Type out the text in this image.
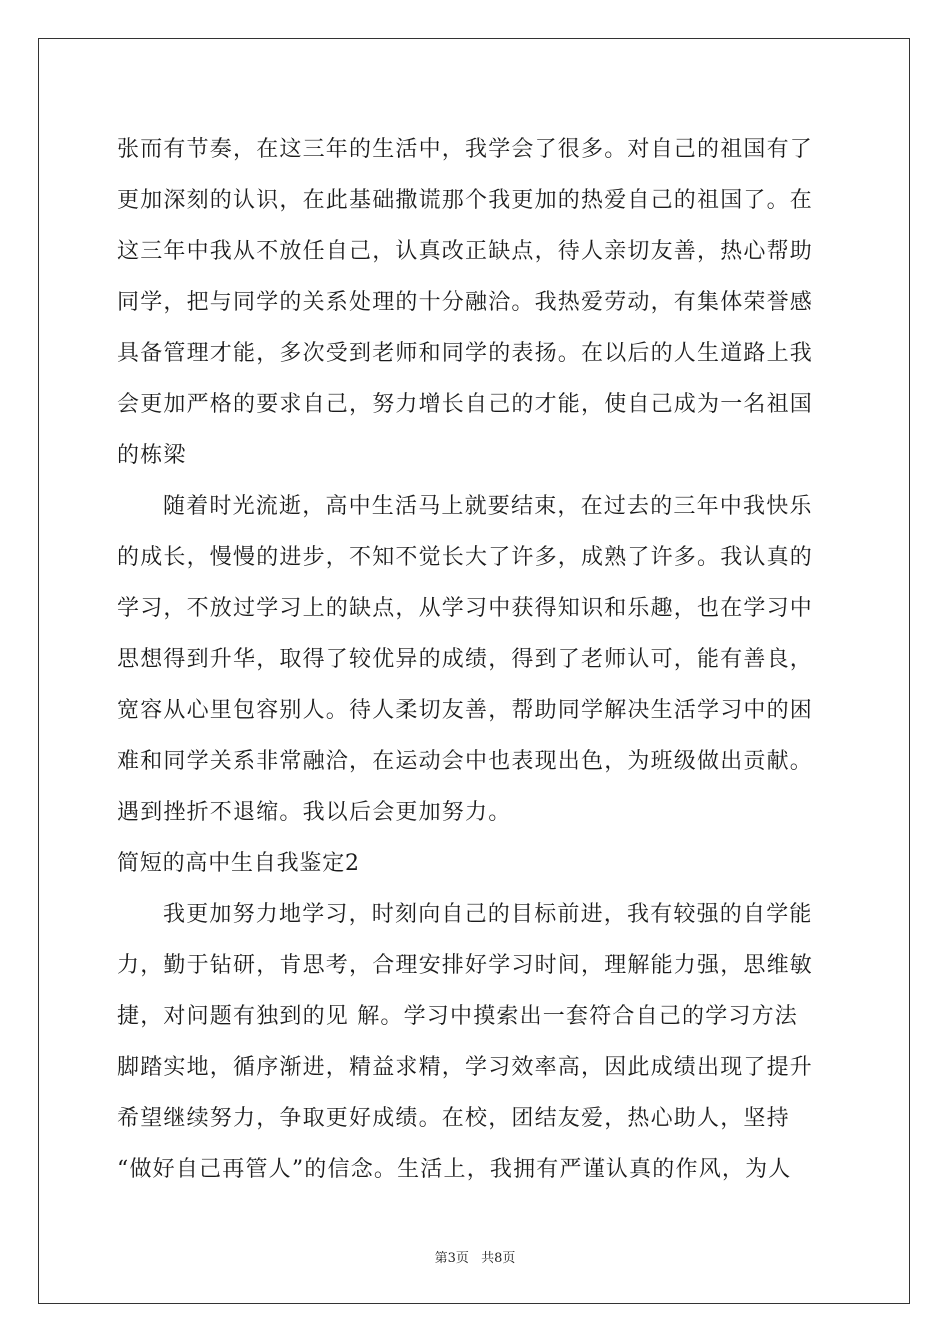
张而有节奏，在这三年的生活中，我学会了很多。对自己的祖国有了
更加深刻的认识，在此基础撒谎那个我更加的热爱自己的祖国了。在
这三年中我从不放任自己，认真改正缺点，待人亲切友善，热心帮助
同学，把与同学的关系处理的十分融洽。我热爱劳动，有集体荣誉感
具备管理才能，多次受到老师和同学的表扬。在以后的人生道路上我
会更加严格的要求自己，努力增长自己的才能，使自己成为一名祖国
的栋梁
随着时光流逝，高中生活马上就要结束，在过去的三年中我快乐
的成长，慢慢的进步，不知不觉长大了许多，成熟了许多。我认真的
学习，不放过学习上的缺点，从学习中获得知识和乐趣，也在学习中
思想得到升华，取得了较优异的成绩，得到了老师认可，能有善良，
宽容从心里包容别人。待人柔切友善，帮助同学解决生活学习中的困
难和同学关系非常融洽，在运动会中也表现出色，为班级做出贡献。
遇到挫折不退缩。我以后会更加努力。
简短的高中生自我鉴定2
我更加努力地学习，时刻向自己的目标前进，我有较强的自学能
力，勤于钻研，肯思考，合理安排好学习时间，理解能力强，思维敏
捷，对问题有独到的见 解。学习中摸索出一套符合自己的学习方法
脚踏实地，循序渐进，精益求精，学习效率高，因此成绩出现了提升
希望继续努力，争取更好成绩。在校，团结友爱，热心助人，坚持
“做好自己再管人”的信念。生活上，我拥有严谨认真的作风，为人
第3页 共8页
